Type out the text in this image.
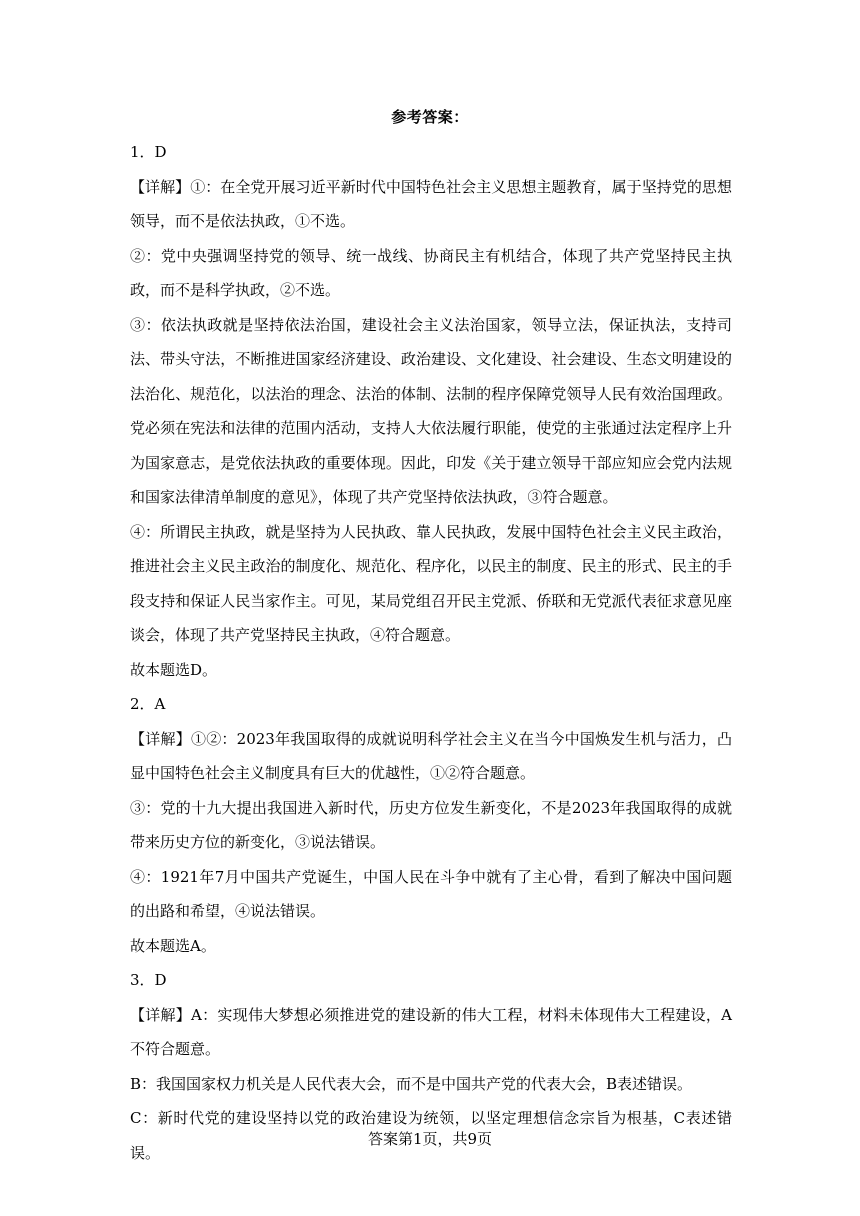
参考答案：

1．D

【详解】①：在全党开展习近平新时代中国特色社会主义思想主题教育，属于坚持党的思想领导，而不是依法执政，①不选。

②：党中央强调坚持党的领导、统一战线、协商民主有机结合，体现了共产党坚持民主执政，而不是科学执政，②不选。

③：依法执政就是坚持依法治国，建设社会主义法治国家，领导立法，保证执法，支持司法、带头守法，不断推进国家经济建设、政治建设、文化建设、社会建设、生态文明建设的法治化、规范化，以法治的理念、法治的体制、法制的程序保障党领导人民有效治国理政。党必须在宪法和法律的范围内活动，支持人大依法履行职能，使党的主张通过法定程序上升为国家意志，是党依法执政的重要体现。因此，印发《关于建立领导干部应知应会党内法规和国家法律清单制度的意见》，体现了共产党坚持依法执政，③符合题意。

④：所谓民主执政，就是坚持为人民执政、靠人民执政，发展中国特色社会主义民主政治，推进社会主义民主政治的制度化、规范化、程序化，以民主的制度、民主的形式、民主的手段支持和保证人民当家作主。可见，某局党组召开民主党派、侨联和无党派代表征求意见座谈会，体现了共产党坚持民主执政，④符合题意。

故本题选D。

2．A

【详解】①②：2023年我国取得的成就说明科学社会主义在当今中国焕发生机与活力，凸显中国特色社会主义制度具有巨大的优越性，①②符合题意。

③：党的十九大提出我国进入新时代，历史方位发生新变化，不是2023年我国取得的成就带来历史方位的新变化，③说法错误。

④：1921年7月中国共产党诞生，中国人民在斗争中就有了主心骨，看到了解决中国问题的出路和希望，④说法错误。

故本题选A。

3．D

【详解】A：实现伟大梦想必须推进党的建设新的伟大工程，材料未体现伟大工程建设，A不符合题意。

B：我国国家权力机关是人民代表大会，而不是中国共产党的代表大会，B表述错误。

C：新时代党的建设坚持以党的政治建设为统领，以坚定理想信念宗旨为根基，C表述错误。

答案第1页，共9页
